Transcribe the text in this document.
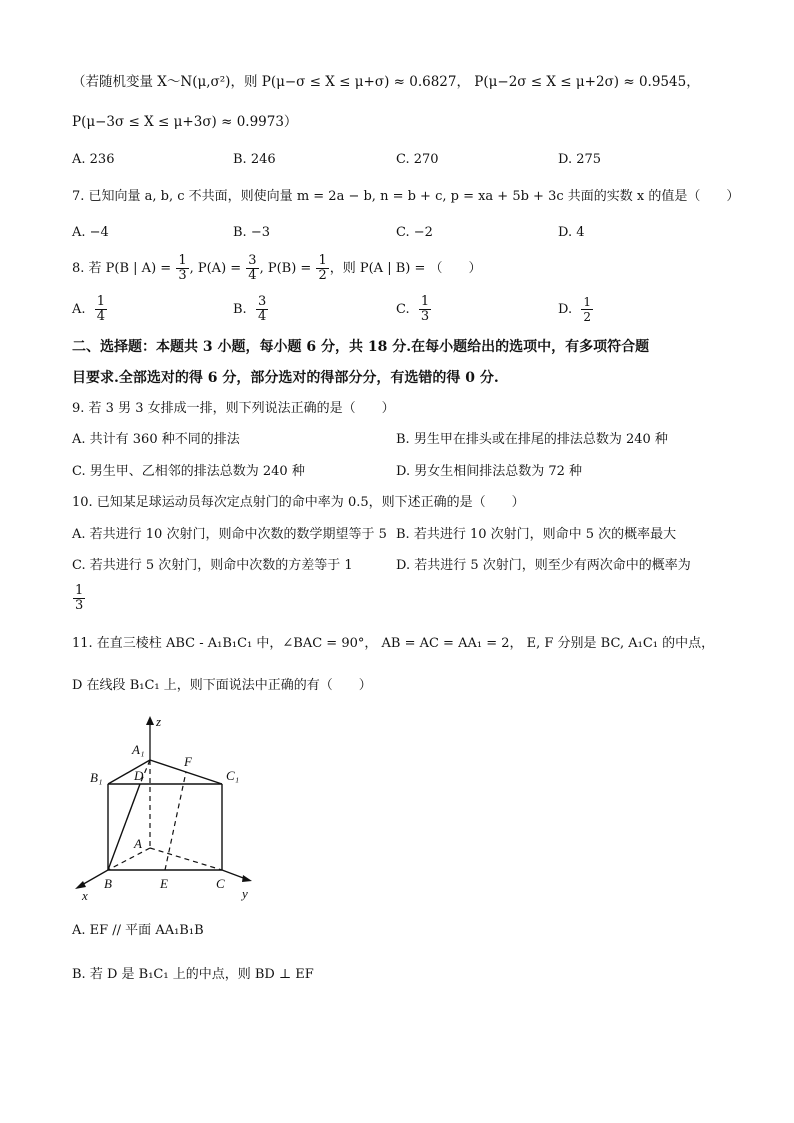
（若随机变量 X～N(μ,σ²)，则 P(μ−σ ≤ X ≤ μ+σ) ≈ 0.6827， P(μ−2σ ≤ X ≤ μ+2σ) ≈ 0.9545，
P(μ−3σ ≤ X ≤ μ+3σ) ≈ 0.9973）
A. 236	B. 246	C. 270	D. 275
7. 已知向量 a, b, c 不共面，则使向量 m = 2a − b, n = b + c, p = xa + 5b + 3c 共面的实数 x 的值是（　　）
A. −4	B. −3	C. −2	D. 4
8. 若 P(B | $A) = \frac{1}{3}$ , $P(A) = \frac{3}{4}$ , $P(B) = \frac{1}{2}$ ，则 P(A | B) = （　　）
A. $\frac{1}{4}$	B. $\frac{3}{4}$	C. $\frac{1}{3}$	D. $\frac{1}{2}$
二、选择题：本题共 3 小题，每小题 6 分，共 18 分.在每小题给出的选项中，有多项符合题
目要求.全部选对的得 6 分，部分选对的得部分分，有选错的得 0 分.
9. 若 3 男 3 女排成一排，则下列说法正确的是（　　）
A. 共计有 360 种不同的排法	B. 男生甲在排头或在排尾的排法总数为 240 种
C. 男生甲、乙相邻的排法总数为 240 种	D. 男女生相间排法总数为 72 种
10. 已知某足球运动员每次定点射门的命中率为 0.5，则下述正确的是（　　）
A. 若共进行 10 次射门，则命中次数的数学期望等于 5 B. 若共进行 10 次射门，则命中 5 次的概率最大
C. 若共进行 5 次射门，则命中次数的方差等于 1	D. 若共进行 5 次射门，则至少有两次命中的概率为
$\frac{1}{3}$
11. 在直三棱柱 ABC - A₁B₁C₁ 中，∠BAC = 90°， AB = AC = AA₁ = 2， E, F 分别是 BC, A₁C₁ 的中点，
D 在线段 B₁C₁ 上，则下面说法中正确的有（　　）
z
x	y
A₁
B₁	C₁
D
F
A
B	E	C
A. EF // 平面 AA₁B₁B
B. 若 D 是 B₁C₁ 上的中点，则 BD ⊥ EF
